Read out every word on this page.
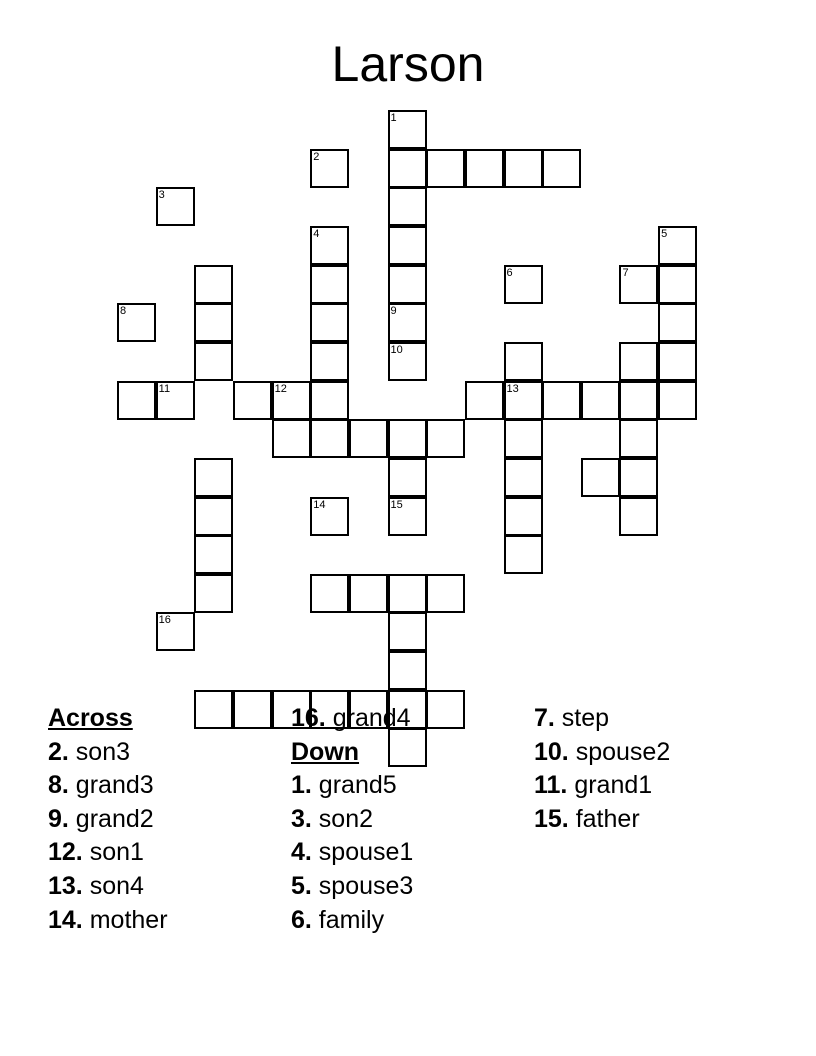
Larson
9
5
13
11	12
1
2
3
4
6	7
8
10
14	15
16
Across
2. son3
8. grand3
9. grand2
12. son1
13. son4
14. mother
16. grand4
Down
1. grand5
3. son2
4. spouse1
5. spouse3
6. family
7. step
10. spouse2
11. grand1
15. father
